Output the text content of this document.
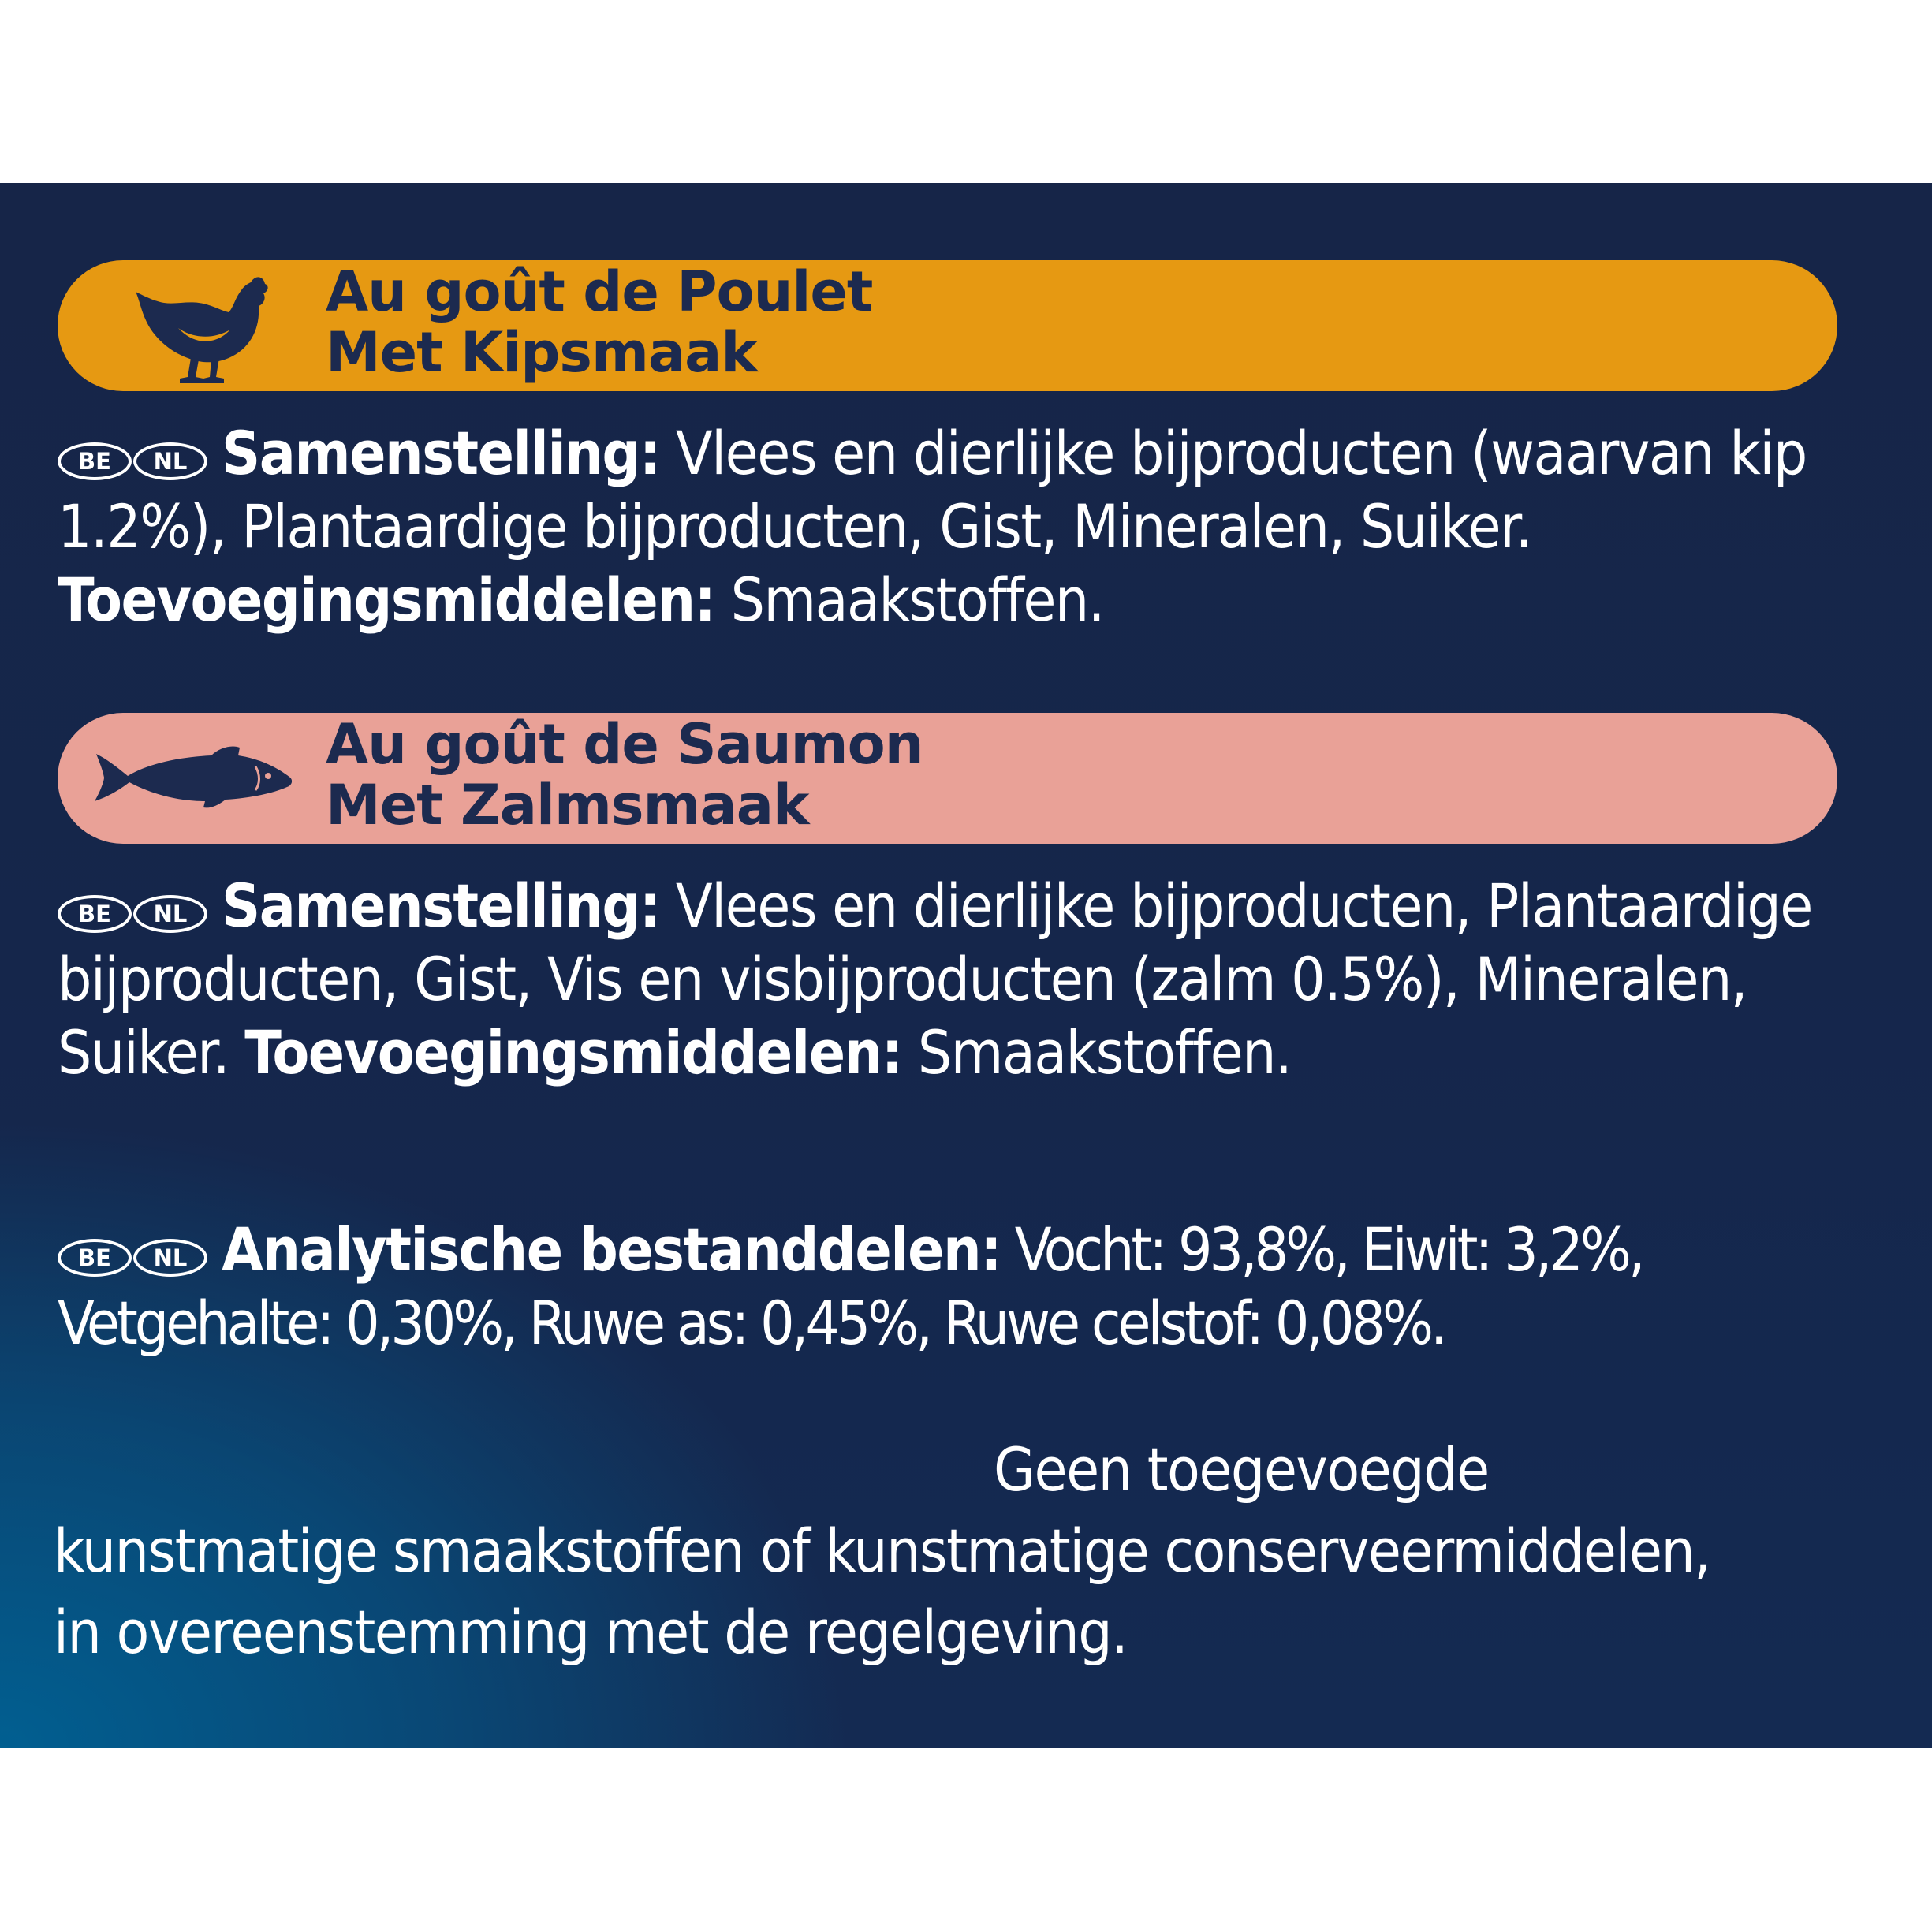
Au goût de Poulet
Met Kipsmaak
BE NL Samenstelling: Vlees en dierlijke bijproducten (waarvan kip 1.2%), Plantaardige bijproducten, Gist, Mineralen, Suiker. Toevoegingsmiddelen: Smaakstoffen.
Au goût de Saumon
Met Zalmsmaak
BE NL Samenstelling: Vlees en dierlijke bijproducten, Plantaardige bijproducten, Gist, Vis en visbijproducten (zalm 0.5%), Mineralen, Suiker. Toevoegingsmiddelen: Smaakstoffen.
BE NL Analytische bestanddelen: Vocht: 93,8%, Eiwit: 3,2%, Vetgehalte: 0,30%, Ruwe as: 0,45%, Ruwe celstof: 0,08%.
Geen toegevoegde
kunstmatige smaakstoffen of kunstmatige conserveermiddelen,
in overeenstemming met de regelgeving.
